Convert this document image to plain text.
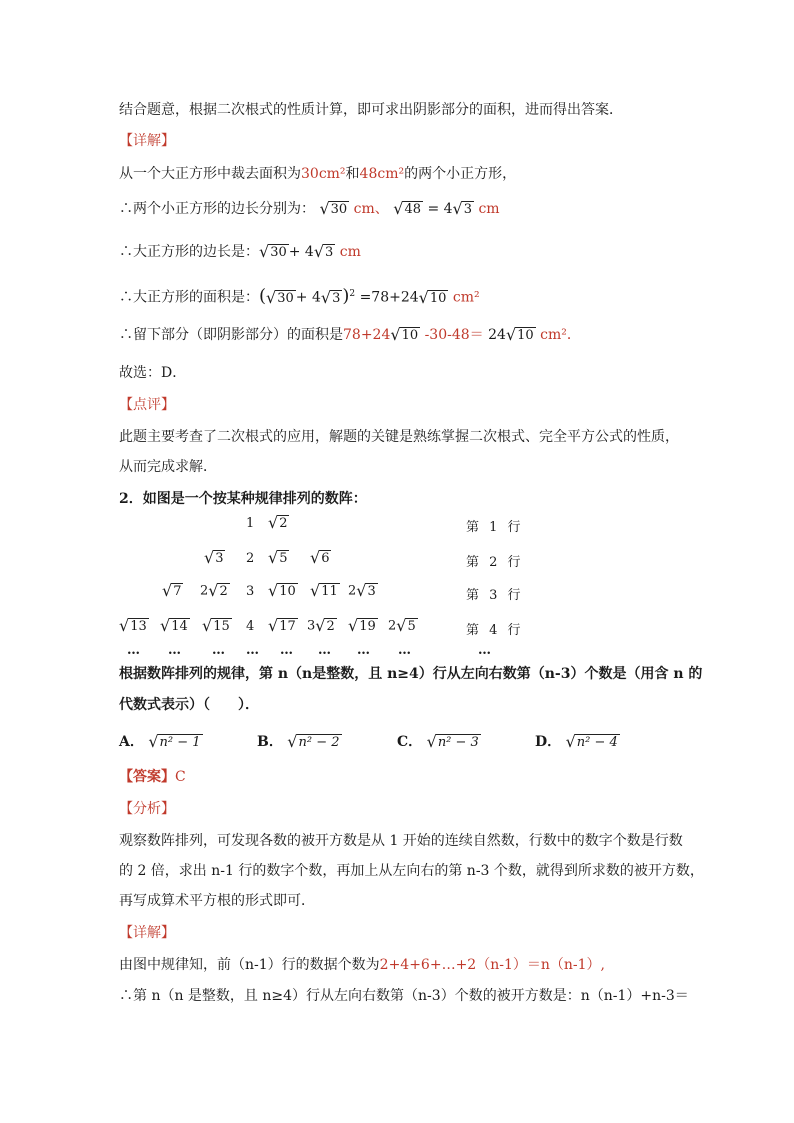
结合题意，根据二次根式的性质计算，即可求出阴影部分的面积，进而得出答案．
【详解】
从一个大正方形中裁去面积为30cm²和48cm²的两个小正方形，
∴两个小正方形的边长分别为： √ 30 cm、 √ 48 = 4 √ 3 cm
∴大正方形的边长是： √ 30 + 4 √ 3 cm
∴大正方形的面积是：( √ 30 + 4 √ 3 )$^2$ =78+24 √ 10 cm²
∴留下部分（即阴影部分）的面积是78+24 √ 10 -30-48＝ 24 √ 10 cm²．
故选：D．
【点评】
此题主要考查了二次根式的应用，解题的关键是熟练掌握二次根式、完全平方公式的性质，
从而完成求解．
2．如图是一个按某种规律排列的数阵：
1 √ 2	第 1 行
√ 3 2 √ 5 √ 6	第 2 行
√ 7 2 √ 2 3 √ 10 √ 11 2 √ 3	第 3 行
√ 13 √ 14 √ 15 4 √ 17 3 √ 2 √ 19 2 √ 5	第 4 行
… … … … … … … …	…
根据数阵排列的规律，第 n（n是整数，且 n≥4）行从左向右数第（n-3）个数是（用含 n 的
代数式表示）（　　）．
A． √ n² − 1	B． √ n² − 2	C． √ n² − 3	D． √ n² − 4
【答案】C
【分析】
观察数阵排列，可发现各数的被开方数是从 1 开始的连续自然数，行数中的数字个数是行数
的 2 倍，求出 n-1 行的数字个数，再加上从左向右的第 n-3 个数，就得到所求数的被开方数，
再写成算术平方根的形式即可．
【详解】
由图中规律知，前（n-1）行的数据个数为2+4+6+…+2（n-1）＝n（n-1）,
∴第 n（n 是整数，且 n≥4）行从左向右数第（n-3）个数的被开方数是：n（n-1）+n-3＝
